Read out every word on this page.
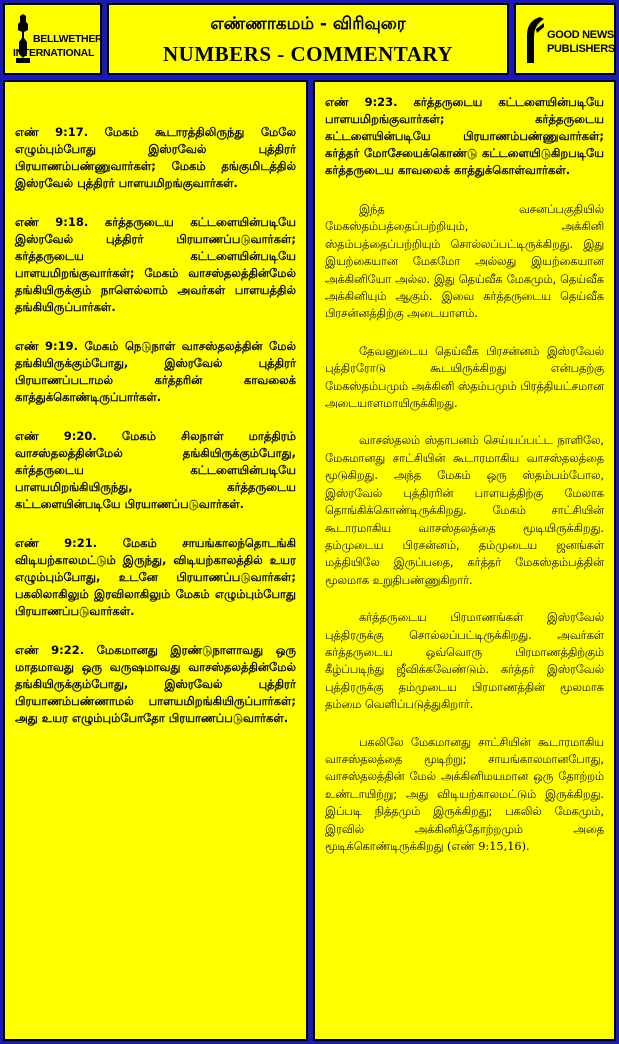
BELLWETHER
INTERNATIONAL
எண்ணாகமம் - விரிவுரை
NUMBERS - COMMENTARY
GOOD NEWS
PUBLISHERS

எண் 9:17. மேகம் கூடாரத்திலிருந்து மேலே எழும்பும்போது இஸ்ரவேல் புத்திரர் பிரயாணம்பண்ணுவார்கள்; மேகம் தங்குமிடத்தில் இஸ்ரவேல் புத்திரர் பாளயமிறங்குவார்கள்.

எண் 9:18. கர்த்தருடைய கட்டளையின்படியே இஸ்ரவேல் புத்திரர் பிரயாணப்படுவார்கள்; கர்த்தருடைய கட்டளையின்படியே பாளயமிறங்குவார்கள்; மேகம் வாசஸ்தலத்தின்மேல் தங்கியிருக்கும் நாளெல்லாம் அவர்கள் பாளயத்தில் தங்கியிருப்பார்கள்.

எண் 9:19. மேகம் நெடுநாள் வாசஸ்தலத்தின் மேல் தங்கியிருக்கும்போது, இஸ்ரவேல் புத்திரர் பிரயாணப்படாமல் கர்த்தரின் காவலைக் காத்துக்கொண்டிருப்பார்கள்.

எண் 9:20. மேகம் சிலநாள் மாத்திரம் வாசஸ்தலத்தின்மேல் தங்கியிருக்கும்போது, கர்த்தருடைய கட்டளையின்படியே பாளயமிறங்கியிருந்து, கர்த்தருடைய கட்டளையின்படியே பிரயாணப்படுவார்கள்.

எண் 9:21. மேகம் சாயங்காலந்தொடங்கி விடியற்காலமட்டும் இருந்து, விடியற்காலத்தில் உயர எழும்பும்போது, உடனே பிரயாணப்படுவார்கள்; பகலிலாகிலும் இரவிலாகிலும் மேகம் எழும்பும்போது பிரயாணப்படுவார்கள்.

எண் 9:22. மேகமானது இரண்டுநாளாவது ஒரு மாதமாவது ஒரு வருஷமாவது வாசஸ்தலத்தின்மேல் தங்கியிருக்கும்போது, இஸ்ரவேல் புத்திரர் பிரயாணம்பண்ணாமல் பாளயமிறங்கியிருப்பார்கள்; அது உயர எழும்பும்போதோ பிரயாணப்படுவார்கள்.

எண் 9:23. கர்த்தருடைய கட்டளையின்படியே பாளயமிறங்குவார்கள்; கர்த்தருடைய கட்டளையின்படியே பிரயாணம்பண்ணுவார்கள்; கர்த்தர் மோசேயைக்கொண்டு கட்டளையிடுகிறபடியே கர்த்தருடைய காவலைக் காத்துக்கொள்வார்கள்.

இந்த வசனப்பகுதியில் மேகஸ்தம்பத்தைப்பற்றியும், அக்கினி ஸ்தம்பத்தைப்பற்றியும் சொல்லப்பட்டிருக்கிறது. இது இயற்கையான மேகமோ அல்லது இயற்கையான அக்கினியோ அல்ல. இது தெய்வீக மேகமும், தெய்வீக அக்கினியும் ஆகும். இவை கர்த்தருடைய தெய்வீக பிரசன்னத்திற்கு அடையாளம்.

தேவனுடைய தெய்வீக பிரசன்னம் இஸ்ரவேல் புத்திரரோடு கூடயிருக்கிறது என்பதற்கு மேகஸ்தம்பமும் அக்கினி ஸ்தம்பமும் பிரத்தியட்சமான அடையாளமாயிருக்கிறது.

வாசஸ்தலம் ஸ்தாபனம் செய்யப்பட்ட நாளிலே, மேகமானது சாட்சியின் கூடாரமாகிய வாசஸ்தலத்தை மூடுகிறது. அந்த மேகம் ஒரு ஸ்தம்பம்போல, இஸ்ரவேல் புத்திரரின் பாளயத்திற்கு மேலாக தொங்கிக்கொண்டிருக்கிறது. மேகம் சாட்சியின் கூடாரமாகிய வாசஸ்தலத்தை மூடியிருக்கிறது. தம்முடைய பிரசன்னம், தம்முடைய ஜனங்கள் மத்தியிலே இருப்பதை, கர்த்தர் மேகஸ்தம்பத்தின் மூலமாக உறுதிபண்ணுகிறார்.

கர்த்தருடைய பிரமாணங்கள் இஸ்ரவேல் புத்திரருக்கு சொல்லப்பட்டிருக்கிறது. அவர்கள் கர்த்தருடைய ஒவ்வொரு பிரமாணத்திற்கும் கீழ்ப்படிந்து ஜீவிக்கவேண்டும். கர்த்தர் இஸ்ரவேல் புத்திரருக்கு தம்முடைய பிரமாணத்தின் மூலமாக தம்மை வெளிப்படுத்துகிறார்.

பகலிலே மேகமானது சாட்சியின் கூடாரமாகிய வாசஸ்தலத்தை மூடிற்று; சாயங்காலமானபோது, வாசஸ்தலத்தின் மேல் அக்கினிமயமான ஒரு தோற்றம் உண்டாயிற்று; அது விடியற்காலமட்டும் இருக்கிறது. இப்படி நித்தமும் இருக்கிறது; பகலில் மேகமும், இரவில் அக்கினித்தோற்றமும் அதை மூடிக்கொண்டிருக்கிறது (எண் 9:15,16).
